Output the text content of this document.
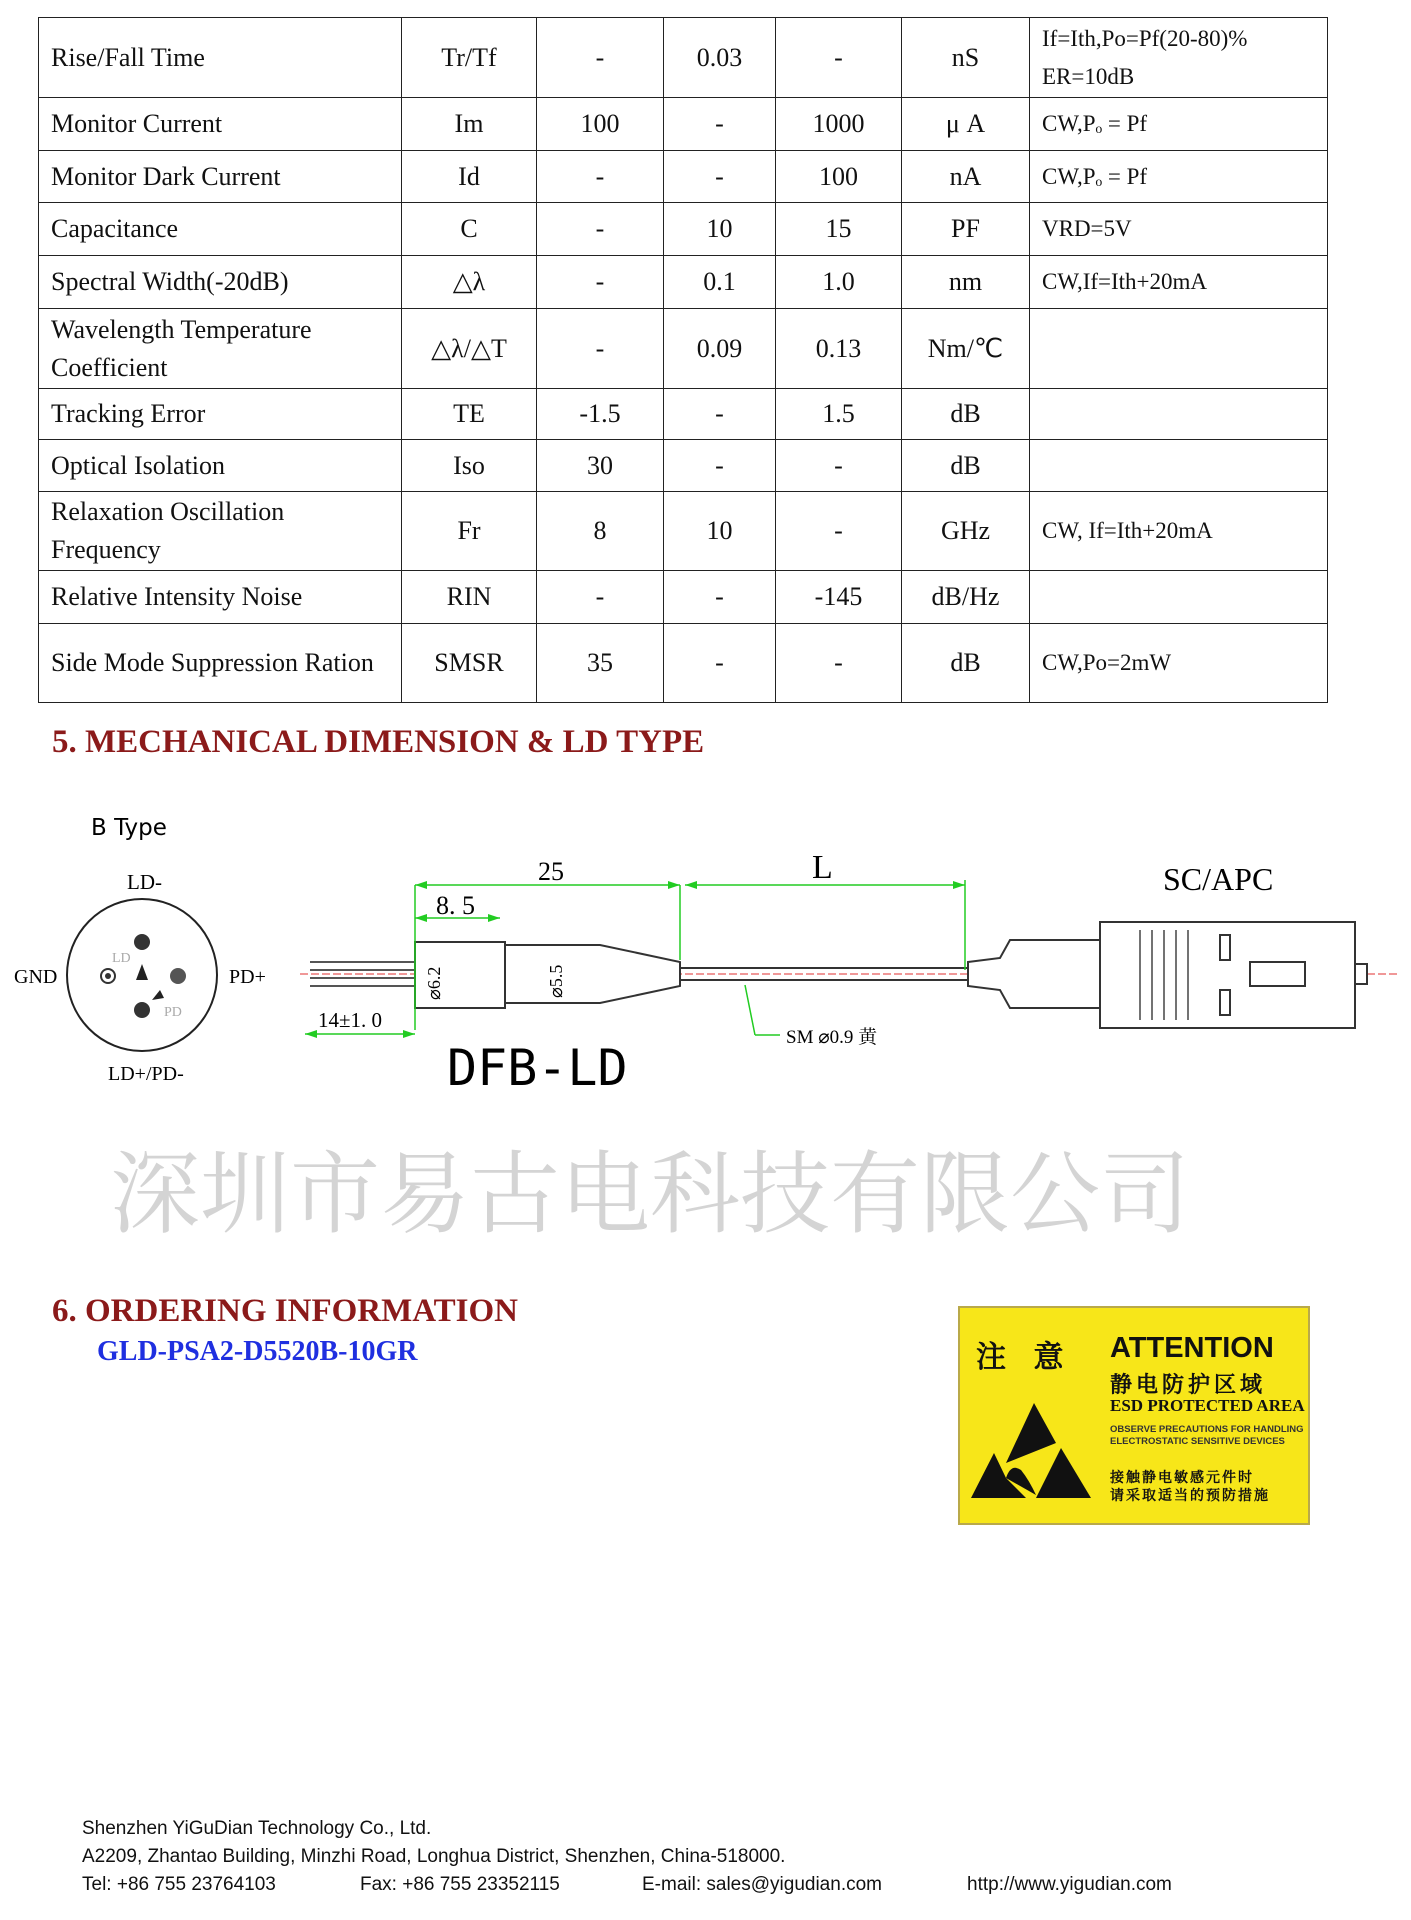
Rise/Fall Time	Tr/Tf	-	0.03	-	nS	If=Ith,Po=Pf(20-80)%
ER=10dB

Monitor Current	Im	100	-	1000	μ A	CW,Pₒ = Pf
Monitor Dark Current	Id	-	-	100	nA	CW,Pₒ = Pf
Capacitance	C	-	10	15	PF	VRD=5V
Spectral Width(-20dB)	△λ	-	0.1	1.0	nm	CW,If=Ith+20mA
Wavelength Temperature Coefficient	△λ/△T	-	0.09	0.13	Nm/℃	
Tracking Error	TE	-1.5	-	1.5	dB	
Optical Isolation	Iso	30	-	-	dB	
Relaxation Oscillation Frequency	Fr	8	10	-	GHz	CW, If=Ith+20mA
Relative Intensity Noise	RIN	-	-	-145	dB/Hz	
Side Mode Suppression Ration	SMSR	35	-	-	dB	CW,Po=2mW
5. MECHANICAL DIMENSION & LD TYPE
B Type
LD
PD
LD-
GND	PD+
LD+/PD-
25	L
8. 5
14±1. 0
⌀6.2	⌀5.5
SM ⌀0.9 黄
SC/APC
DFB-LD
深圳市易古电科技有限公司
6. ORDERING INFORMATION
GLD-PSA2-D5520B-10GR	注 意 ATTENTION
静电防护区域
ESD PROTECTED AREA
OBSERVE PRECAUTIONS FOR HANDLING ELECTROSTATIC SENSITIVE DEVICES
接触静电敏感元件时
请采取适当的预防措施
Shenzhen YiGuDian Technology Co., Ltd.
A2209, Zhantao Building, Minzhi Road, Longhua District, Shenzhen, China-518000.
Tel: +86 755 23764103	Fax: +86 755 23352115	E-mail: sales@yigudian.com	http://www.yigudian.com
